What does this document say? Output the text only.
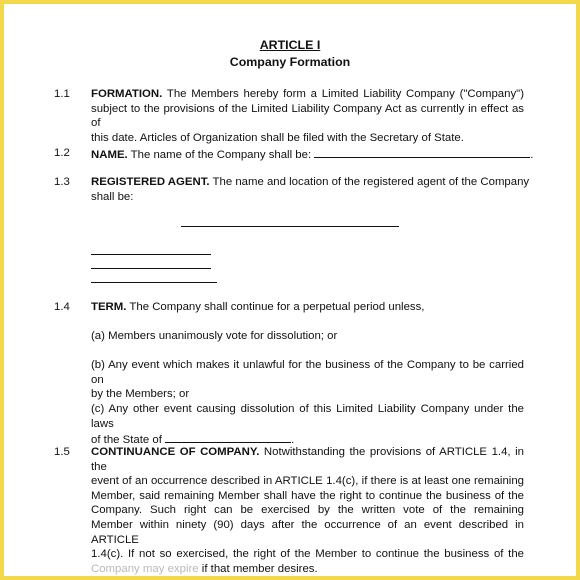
ARTICLE I
Company Formation
1.1 FORMATION. The Members hereby form a Limited Liability Company ("Company")
subject to the provisions of the Limited Liability Company Act as currently in effect as of
this date. Articles of Organization shall be filed with the Secretary of State.
1.2 NAME. The name of the Company shall be:	.
1.3 REGISTERED AGENT. The name and location of the registered agent of the Company
shall be:
1.4 TERM. The Company shall continue for a perpetual period unless,
(a) Members unanimously vote for dissolution; or
(b) Any event which makes it unlawful for the business of the Company to be carried on
by the Members; or
(c) Any other event causing dissolution of this Limited Liability Company under the laws
of the State of	.
1.5 CONTINUANCE OF COMPANY. Notwithstanding the provisions of ARTICLE 1.4, in the
event of an occurrence described in ARTICLE 1.4(c), if there is at least one remaining
Member, said remaining Member shall have the right to continue the business of the
Company. Such right can be exercised by the written vote of the remaining
Member within ninety (90) days after the occurrence of an event described in ARTICLE
1.4(c). If not so exercised, the right of the Member to continue the business of the
Company may expire if that member desires.
